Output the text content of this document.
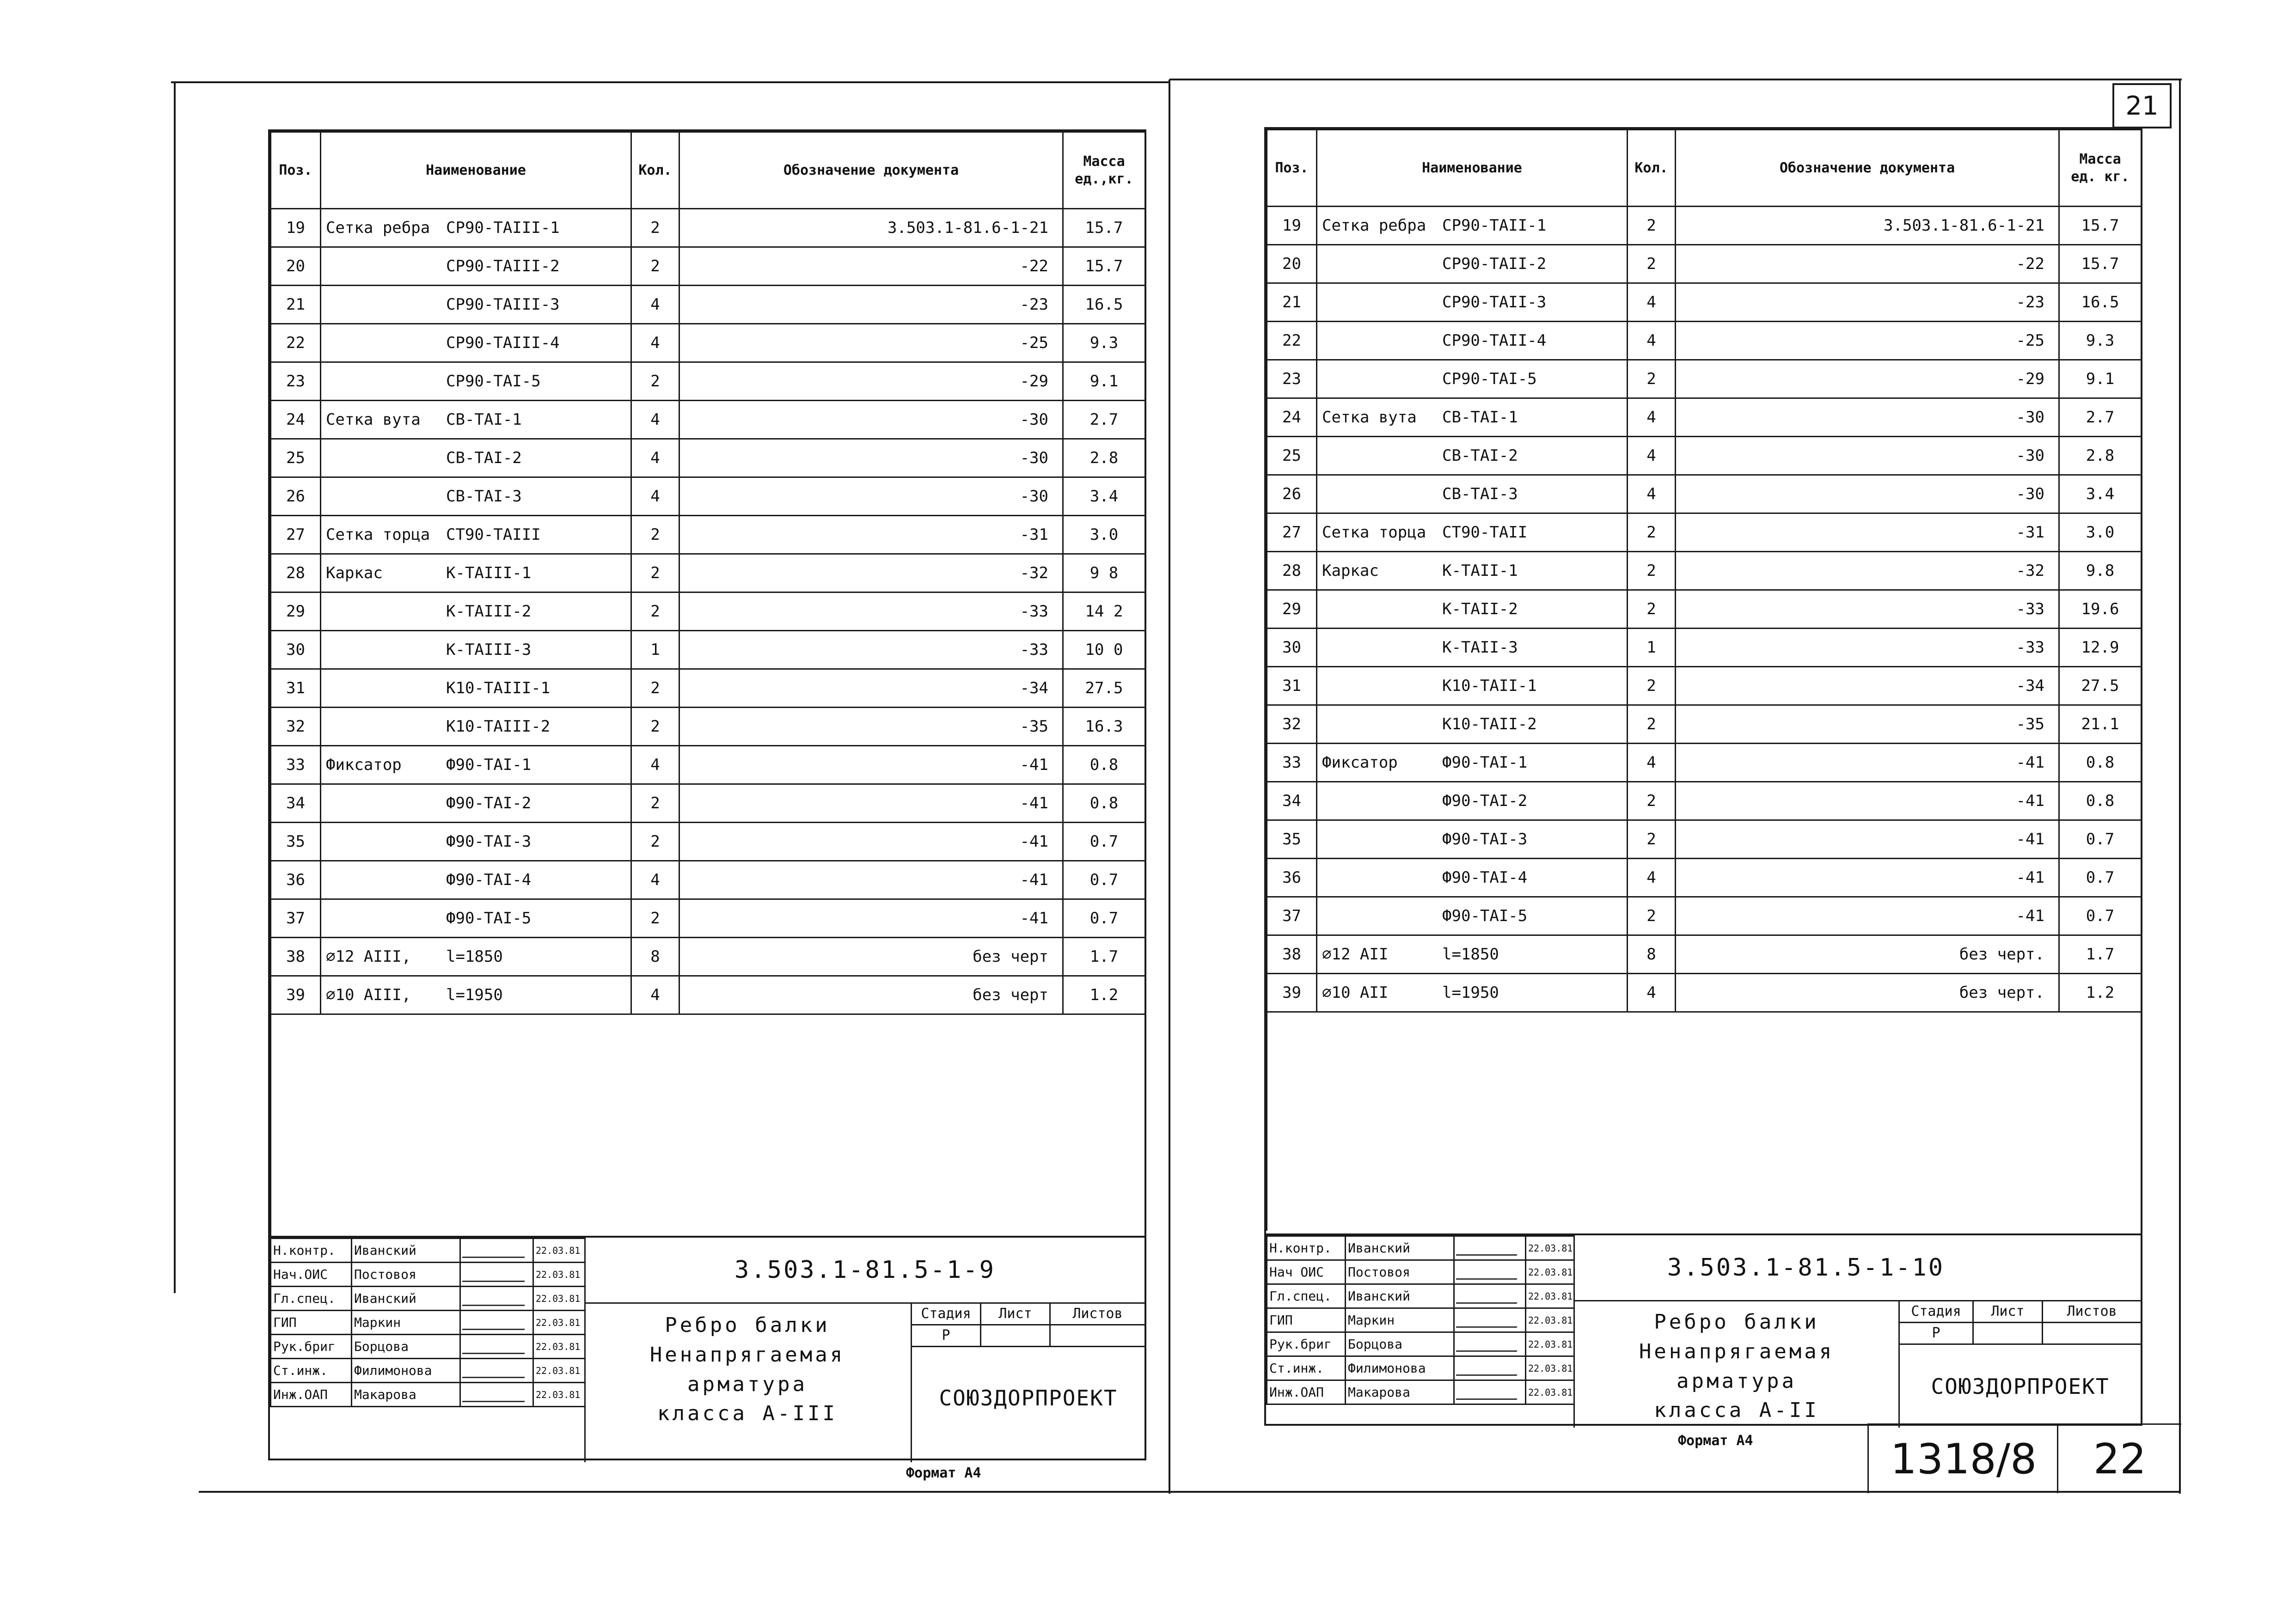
Поз.	Наименование	Кол.	Обозначение документа	Масса
ед.,кг.
19	Сетка ребра СР90-ТАIII-1	2	3.503.1-81.6-1-21	15.7
20	СР90-ТАIII-2	2	-22	15.7
21	СР90-ТАIII-3	4	-23	16.5
22	СР90-ТАIII-4	4	-25	9.3
23	СР90-ТАI-5	2	-29	9.1
24	Сетка вута СВ-ТАI-1	4	-30	2.7
25	СВ-ТАI-2	4	-30	2.8
26	СВ-ТАI-3	4	-30	3.4
27	Сетка торца СТ90-ТАIII	2	-31	3.0
28	Каркас К-ТАIII-1	2	-32	9 8
29	К-ТАIII-2	2	-33	14 2
30	К-ТАIII-3	1	-33	10 0
31	К10-ТАIII-1	2	-34	27.5
32	К10-ТАIII-2	2	-35	16.3
33	Фиксатор Ф90-ТАI-1	4	-41	0.8
34	Ф90-ТАI-2	2	-41	0.8
35	Ф90-ТАI-3	2	-41	0.7
36	Ф90-ТАI-4	4	-41	0.7
37	Ф90-ТАI-5	2	-41	0.7
38	∅12 АIII, l=1850	8	без черт	1.7
39	∅10 АIII, l=1950	4	без черт	1.2

Н.контр.	Иванский		22.03.81
Нач.ОИС	Постовоя		22.03.81
Гл.спец.	Иванский		22.03.81
ГИП	Маркин		22.03.81
Рук.бриг	Борцова		22.03.81
Ст.инж.	Филимонова		22.03.81
Инж.ОАП	Макарова		22.03.81
3.503.1-81.5-1-9
Ребро балки
Ненапрягаемая арматура
класса А-III
Стадия	Лист	Листов
Р		
СОЮЗДОРПРОЕКТ
Формат А4
21
Поз.	Наименование	Кол.	Обозначение документа	Масса
ед. кг.
19	Сетка ребра СР90-ТАII-1	2	3.503.1-81.6-1-21	15.7
20	СР90-ТАII-2	2	-22	15.7
21	СР90-ТАII-3	4	-23	16.5
22	СР90-ТАII-4	4	-25	9.3
23	СР90-ТАI-5	2	-29	9.1
24	Сетка вута СВ-ТАI-1	4	-30	2.7
25	СВ-ТАI-2	4	-30	2.8
26	СВ-ТАI-3	4	-30	3.4
27	Сетка торца СТ90-ТАII	2	-31	3.0
28	Каркас К-ТАII-1	2	-32	9.8
29	К-ТАII-2	2	-33	19.6
30	К-ТАII-3	1	-33	12.9
31	К10-ТАII-1	2	-34	27.5
32	К10-ТАII-2	2	-35	21.1
33	Фиксатор Ф90-ТАI-1	4	-41	0.8
34	Ф90-ТАI-2	2	-41	0.8
35	Ф90-ТАI-3	2	-41	0.7
36	Ф90-ТАI-4	4	-41	0.7
37	Ф90-ТАI-5	2	-41	0.7
38	∅12 АII l=1850	8	без черт.	1.7
39	∅10 АII l=1950	4	без черт.	1.2

Н.контр.	Иванский		22.03.81
Нач ОИС	Постовоя		22.03.81
Гл.спец.	Иванский		22.03.81
ГИП	Маркин		22.03.81
Рук.бриг	Борцова		22.03.81
Ст.инж.	Филимонова		22.03.81
Инж.ОАП	Макарова		22.03.81
3.503.1-81.5-1-10
Ребро балки
Ненапрягаемая арматура
класса А-II
Стадия	Лист	Листов
Р		
СОЮЗДОРПРОЕКТ
Формат А4	1318/8 22
